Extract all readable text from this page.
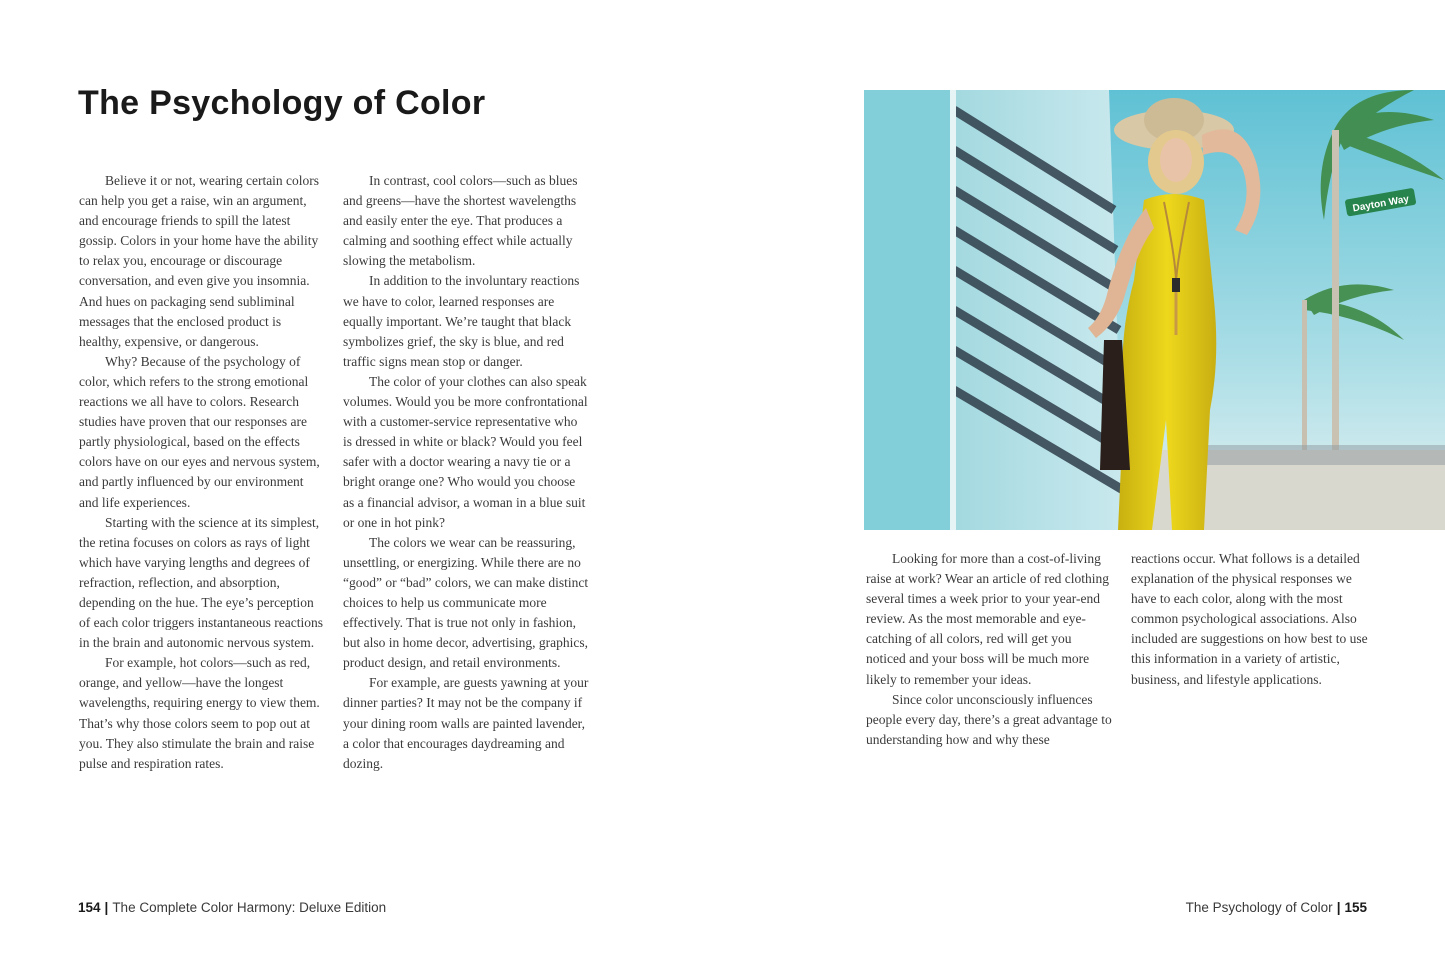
The Psychology of Color

Believe it or not, wearing certain colors can help you get a raise, win an argument, and encourage friends to spill the latest gossip. Colors in your home have the ability to relax you, encourage or discourage conversation, and even give you insomnia. And hues on packaging send subliminal messages that the enclosed product is healthy, expensive, or dangerous.

Why? Because of the psychology of color, which refers to the strong emotional reactions we all have to colors. Research studies have proven that our responses are partly physiological, based on the effects colors have on our eyes and nervous system, and partly influenced by our environment and life experiences.

Starting with the science at its simplest, the retina focuses on colors as rays of light which have varying lengths and degrees of refraction, reflection, and absorption, depending on the hue. The eye’s perception of each color triggers instantaneous reactions in the brain and autonomic nervous system.

For example, hot colors—such as red, orange, and yellow—have the longest wavelengths, requiring energy to view them. That’s why those colors seem to pop out at you. They also stimulate the brain and raise pulse and respiration rates.

In contrast, cool colors—such as blues and greens—have the shortest wavelengths and easily enter the eye. That produces a calming and soothing effect while actually slowing the metabolism.

In addition to the involuntary reactions we have to color, learned responses are equally important. We’re taught that black symbolizes grief, the sky is blue, and red traffic signs mean stop or danger.

The color of your clothes can also speak volumes. Would you be more confrontational with a customer-service representative who is dressed in white or black? Would you feel safer with a doctor wearing a navy tie or a bright orange one? Who would you choose as a financial advisor, a woman in a blue suit or one in hot pink?

The colors we wear can be reassuring, unsettling, or energizing. While there are no “good” or “bad” colors, we can make distinct choices to help us communicate more effectively. That is true not only in fashion, but also in home decor, advertising, graphics, product design, and retail environments.

For example, are guests yawning at your dinner parties? It may not be the company if your dining room walls are painted lavender, a color that encourages daydreaming and dozing.

Dayton Way

Looking for more than a cost-of-living raise at work? Wear an article of red clothing several times a week prior to your year-end review. As the most memorable and eye-catching of all colors, red will get you noticed and your boss will be much more likely to remember your ideas.

Since color unconsciously influences people every day, there’s a great advantage to understanding how and why these

reactions occur. What follows is a detailed explanation of the physical responses we have to each color, along with the most common psychological associations. Also included are suggestions on how best to use this information in a variety of artistic, business, and lifestyle applications.

154 | The Complete Color Harmony: Deluxe Edition	The Psychology of Color | 155
